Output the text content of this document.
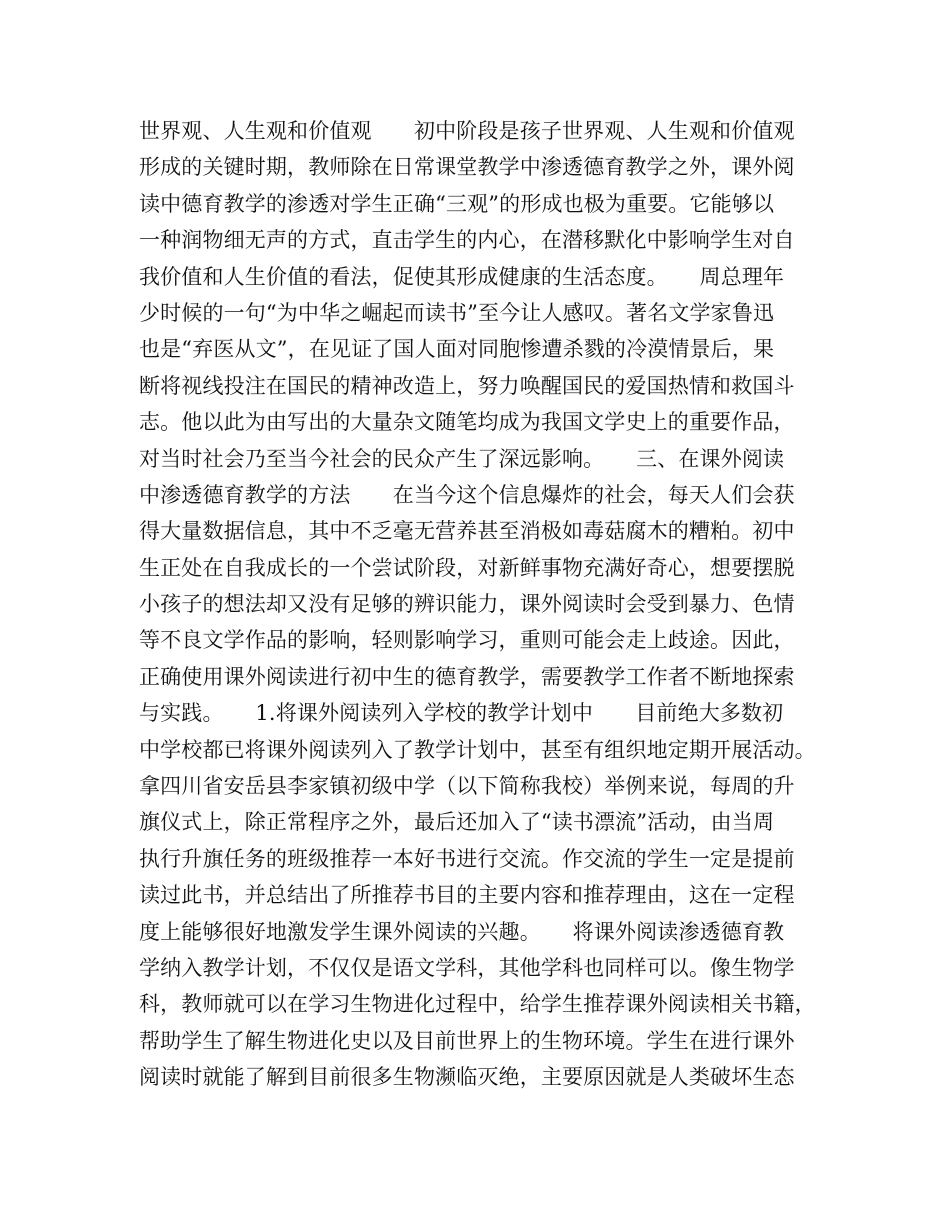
世界观、人生观和价值观　　初中阶段是孩子世界观、人生观和价值观
形成的关键时期，教师除在日常课堂教学中渗透德育教学之外，课外阅
读中德育教学的渗透对学生正确“三观”的形成也极为重要。它能够以
一种润物细无声的方式，直击学生的内心，在潜移默化中影响学生对自
我价值和人生价值的看法，促使其形成健康的生活态度。　　周总理年
少时候的一句“为中华之崛起而读书”至今让人感叹。著名文学家鲁迅
也是“弃医从文”，在见证了国人面对同胞惨遭杀戮的冷漠情景后，果
断将视线投注在国民的精神改造上，努力唤醒国民的爱国热情和救国斗
志。他以此为由写出的大量杂文随笔均成为我国文学史上的重要作品，
对当时社会乃至当今社会的民众产生了深远影响。　　三、在课外阅读
中渗透德育教学的方法　　在当今这个信息爆炸的社会，每天人们会获
得大量数据信息，其中不乏毫无营养甚至消极如毒菇腐木的糟粕。初中
生正处在自我成长的一个尝试阶段，对新鲜事物充满好奇心，想要摆脱
小孩子的想法却又没有足够的辨识能力，课外阅读时会受到暴力、色情
等不良文学作品的影响，轻则影响学习，重则可能会走上歧途。因此，
正确使用课外阅读进行初中生的德育教学，需要教学工作者不断地探索
与实践。　　1.将课外阅读列入学校的教学计划中　　目前绝大多数初
中学校都已将课外阅读列入了教学计划中，甚至有组织地定期开展活动。
拿四川省安岳县李家镇初级中学（以下简称我校）举例来说，每周的升
旗仪式上，除正常程序之外，最后还加入了“读书漂流”活动，由当周
执行升旗任务的班级推荐一本好书进行交流。作交流的学生一定是提前
读过此书，并总结出了所推荐书目的主要内容和推荐理由，这在一定程
度上能够很好地激发学生课外阅读的兴趣。　　将课外阅读渗透德育教
学纳入教学计划，不仅仅是语文学科，其他学科也同样可以。像生物学
科，教师就可以在学习生物进化过程中，给学生推荐课外阅读相关书籍，
帮助学生了解生物进化史以及目前世界上的生物环境。学生在进行课外
阅读时就能了解到目前很多生物濒临灭绝，主要原因就是人类破坏生态
